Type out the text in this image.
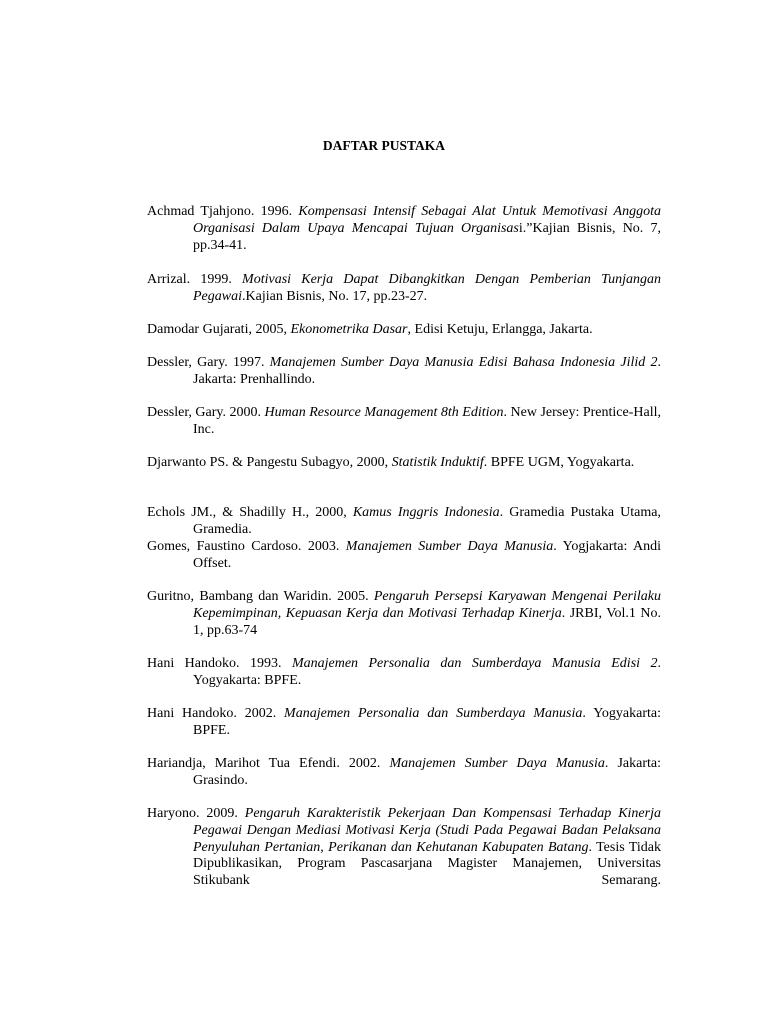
DAFTAR PUSTAKA
Achmad Tjahjono. 1996. Kompensasi Intensif Sebagai Alat Untuk Memotivasi Anggota Organisasi Dalam Upaya Mencapai Tujuan Organisasi.”Kajian Bisnis, No. 7, pp.34-41.
Arrizal. 1999. Motivasi Kerja Dapat Dibangkitkan Dengan Pemberian Tunjangan Pegawai.Kajian Bisnis, No. 17, pp.23-27.
Damodar Gujarati, 2005, Ekonometrika Dasar, Edisi Ketuju, Erlangga, Jakarta.
Dessler, Gary. 1997. Manajemen Sumber Daya Manusia Edisi Bahasa Indonesia Jilid 2. Jakarta: Prenhallindo.
Dessler, Gary. 2000. Human Resource Management 8th Edition. New Jersey: Prentice-Hall, Inc.
Djarwanto PS. & Pangestu Subagyo, 2000, Statistik Induktif. BPFE UGM, Yogyakarta.
Echols JM., & Shadilly H., 2000, Kamus Inggris Indonesia. Gramedia Pustaka Utama, Gramedia.
Gomes, Faustino Cardoso. 2003. Manajemen Sumber Daya Manusia. Yogjakarta: Andi Offset.
Guritno, Bambang dan Waridin. 2005. Pengaruh Persepsi Karyawan Mengenai Perilaku Kepemimpinan, Kepuasan Kerja dan Motivasi Terhadap Kinerja. JRBI, Vol.1 No. 1, pp.63-74
Hani Handoko. 1993. Manajemen Personalia dan Sumberdaya Manusia Edisi 2. Yogyakarta: BPFE.
Hani Handoko. 2002. Manajemen Personalia dan Sumberdaya Manusia. Yogyakarta: BPFE.
Hariandja, Marihot Tua Efendi. 2002. Manajemen Sumber Daya Manusia. Jakarta: Grasindo.
Haryono. 2009. Pengaruh Karakteristik Pekerjaan Dan Kompensasi Terhadap Kinerja Pegawai Dengan Mediasi Motivasi Kerja (Studi Pada Pegawai Badan Pelaksana Penyuluhan Pertanian, Perikanan dan Kehutanan Kabupaten Batang. Tesis Tidak Dipublikasikan, Program Pascasarjana Magister Manajemen, Universitas Stikubank Semarang.
